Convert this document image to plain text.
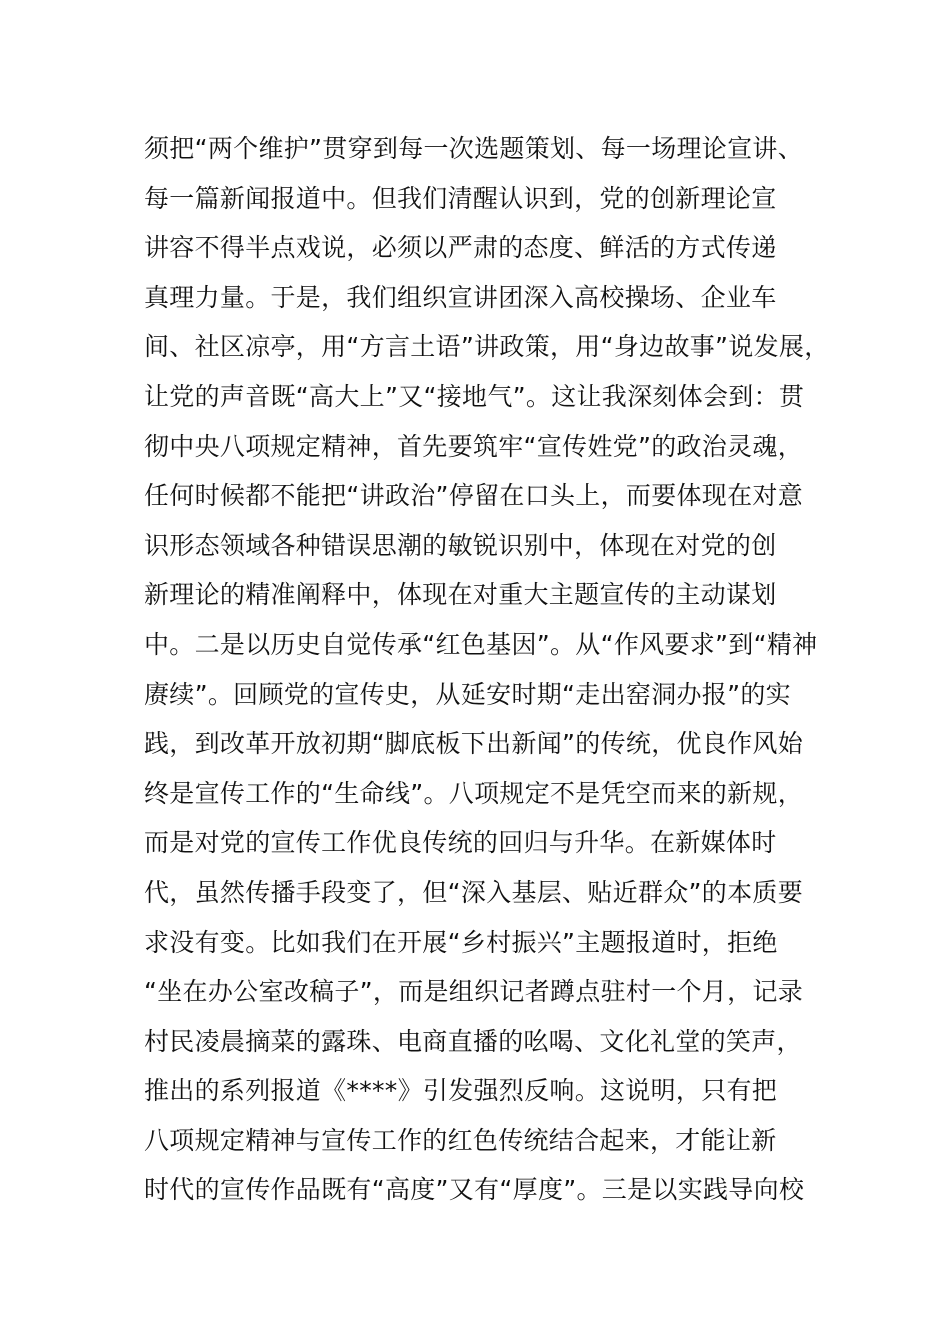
须把“两个维护”贯穿到每一次选题策划、每一场理论宣讲、
每一篇新闻报道中。但我们清醒认识到，党的创新理论宣
讲容不得半点戏说，必须以严肃的态度、鲜活的方式传递
真理力量。于是，我们组织宣讲团深入高校操场、企业车
间、社区凉亭，用“方言土语”讲政策，用“身边故事”说发展，
让党的声音既“高大上”又“接地气”。这让我深刻体会到：贯
彻中央八项规定精神，首先要筑牢“宣传姓党”的政治灵魂，
任何时候都不能把“讲政治”停留在口头上，而要体现在对意
识形态领域各种错误思潮的敏锐识别中，体现在对党的创
新理论的精准阐释中，体现在对重大主题宣传的主动谋划
中。二是以历史自觉传承“红色基因”。从“作风要求”到“精神
赓续”。回顾党的宣传史，从延安时期“走出窑洞办报”的实
践，到改革开放初期“脚底板下出新闻”的传统，优良作风始
终是宣传工作的“生命线”。八项规定不是凭空而来的新规，
而是对党的宣传工作优良传统的回归与升华。在新媒体时
代，虽然传播手段变了，但“深入基层、贴近群众”的本质要
求没有变。比如我们在开展“乡村振兴”主题报道时，拒绝
“坐在办公室改稿子”，而是组织记者蹲点驻村一个月，记录
村民凌晨摘菜的露珠、电商直播的吆喝、文化礼堂的笑声，
推出的系列报道《****》引发强烈反响。这说明，只有把
八项规定精神与宣传工作的红色传统结合起来，才能让新
时代的宣传作品既有“高度”又有“厚度”。三是以实践导向校
